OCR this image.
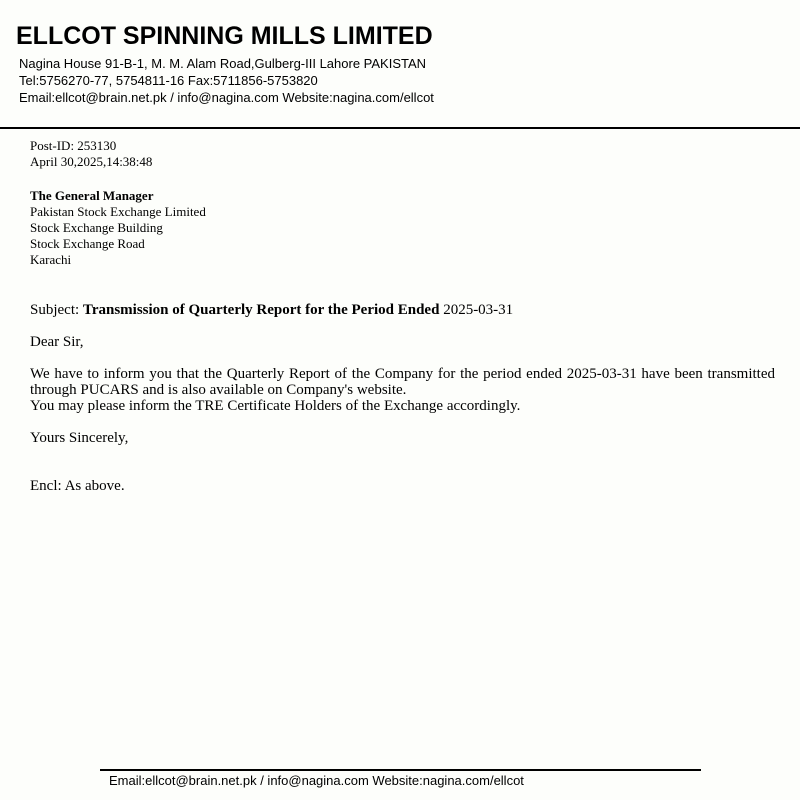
ELLCOT SPINNING MILLS LIMITED
Nagina House 91-B-1, M. M. Alam Road,Gulberg-III Lahore PAKISTAN
Tel:5756270-77, 5754811-16 Fax:5711856-5753820
Email:ellcot@brain.net.pk / info@nagina.com Website:nagina.com/ellcot
Post-ID: 253130
April 30,2025,14:38:48
The General Manager
Pakistan Stock Exchange Limited
Stock Exchange Building
Stock Exchange Road
Karachi
Subject: Transmission of Quarterly Report for the Period Ended 2025-03-31
Dear Sir,

We have to inform you that the Quarterly Report of the Company for the period ended 2025-03-31 have been transmitted through PUCARS and is also available on Company's website.

You may please inform the TRE Certificate Holders of the Exchange accordingly.

Yours Sincerely,
Encl: As above.
Email:ellcot@brain.net.pk / info@nagina.com Website:nagina.com/ellcot
